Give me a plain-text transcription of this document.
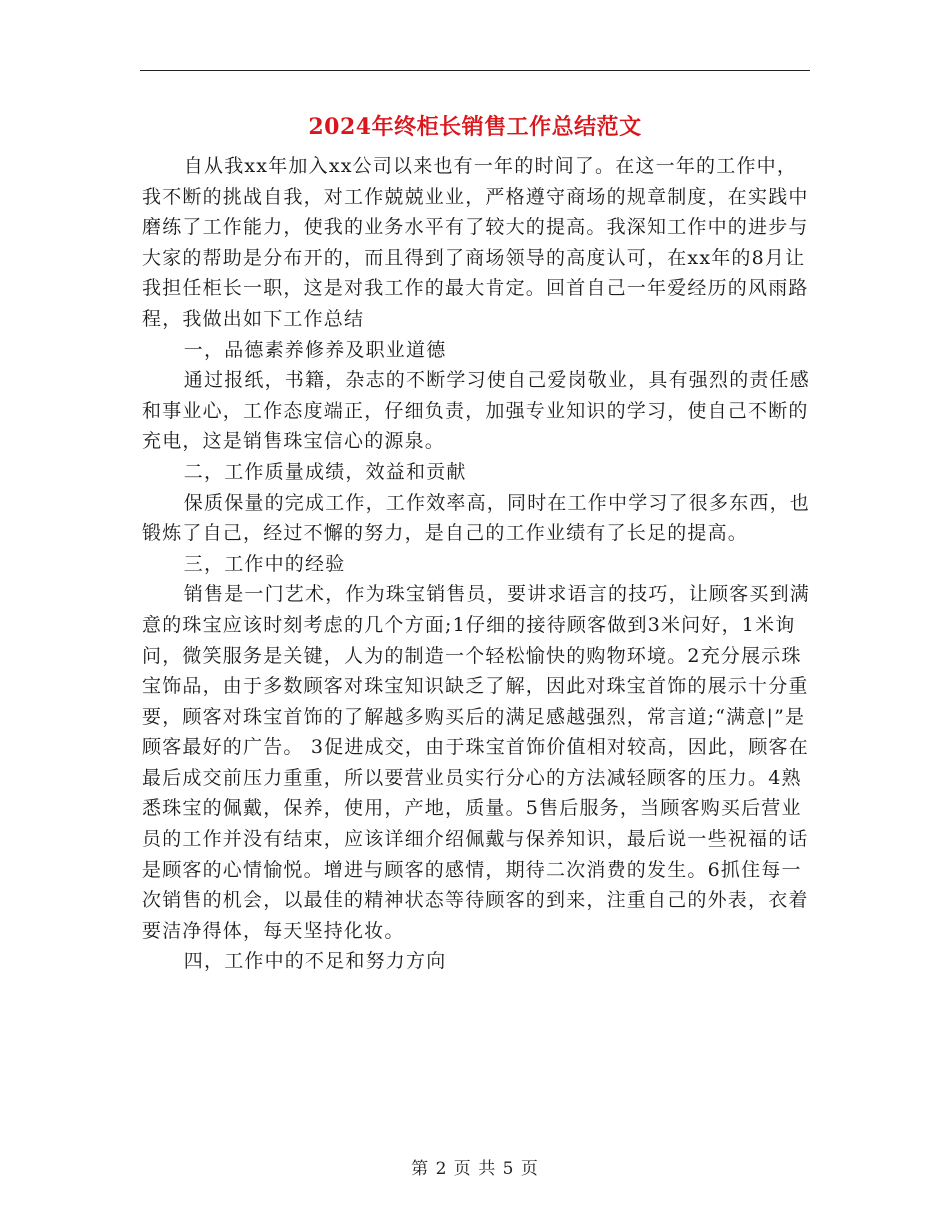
2024年终柜长销售工作总结范文

自从我xx年加入xx公司以来也有一年的时间了。在这一年的工作中，我不断的挑战自我，对工作兢兢业业，严格遵守商场的规章制度，在实践中磨练了工作能力，使我的业务水平有了较大的提高。我深知工作中的进步与大家的帮助是分布开的，而且得到了商场领导的高度认可，在xx年的8月让我担任柜长一职，这是对我工作的最大肯定。回首自己一年爱经历的风雨路程，我做出如下工作总结

一，品德素养修养及职业道德

通过报纸，书籍，杂志的不断学习使自己爱岗敬业，具有强烈的责任感和事业心，工作态度端正，仔细负责，加强专业知识的学习，使自己不断的充电，这是销售珠宝信心的源泉。

二，工作质量成绩，效益和贡献

保质保量的完成工作，工作效率高，同时在工作中学习了很多东西，也锻炼了自己，经过不懈的努力，是自己的工作业绩有了长足的提高。

三，工作中的经验

销售是一门艺术，作为珠宝销售员，要讲求语言的技巧，让顾客买到满意的珠宝应该时刻考虑的几个方面;1仔细的接待顾客做到3米问好，1米询问，微笑服务是关键，人为的制造一个轻松愉快的购物环境。2充分展示珠宝饰品，由于多数顾客对珠宝知识缺乏了解，因此对珠宝首饰的展示十分重要，顾客对珠宝首饰的了解越多购买后的满足感越强烈，常言道;“满意|”是顾客最好的广告。 3促进成交，由于珠宝首饰价值相对较高，因此，顾客在最后成交前压力重重，所以要营业员实行分心的方法减轻顾客的压力。4熟悉珠宝的佩戴，保养，使用，产地，质量。5售后服务，当顾客购买后营业员的工作并没有结束，应该详细介绍佩戴与保养知识，最后说一些祝福的话是顾客的心情愉悦。增进与顾客的感情，期待二次消费的发生。6抓住每一次销售的机会，以最佳的精神状态等待顾客的到来，注重自己的外表，衣着要洁净得体，每天坚持化妆。

四，工作中的不足和努力方向

第 2 页 共 5 页
